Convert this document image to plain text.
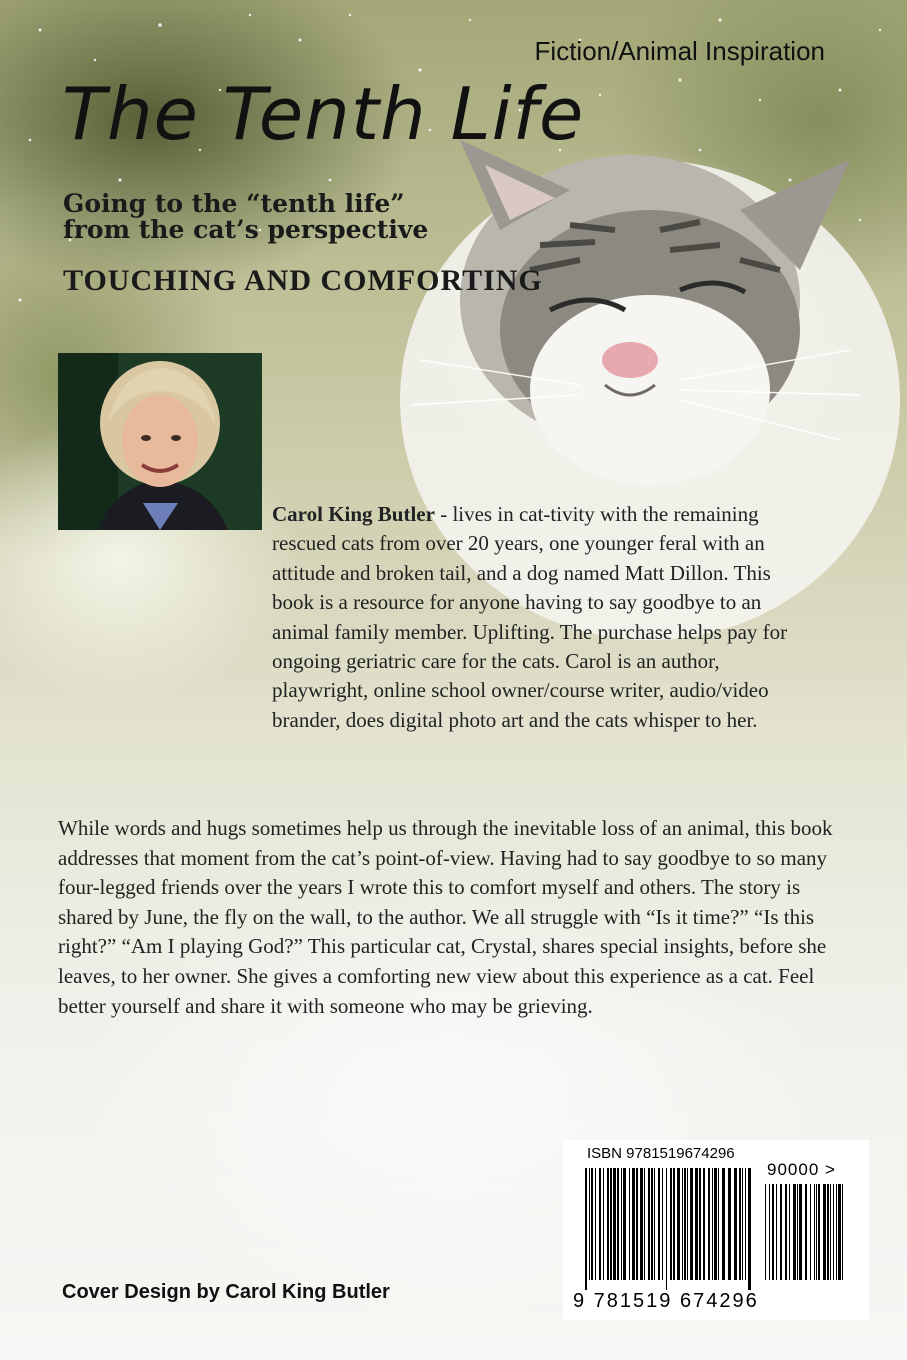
Fiction/Animal Inspiration
The Tenth Life
Going to the “tenth life”
from the cat’s perspective
TOUCHING AND COMFORTING
Carol King Butler - lives in cat-tivity with the remaining rescued cats from over 20 years, one younger feral with an attitude and broken tail, and a dog named Matt Dillon. This book is a resource for anyone having to say goodbye to an animal family member. Uplifting. The purchase helps pay for ongoing geriatric care for the cats. Carol is an author, playwright, online school owner/course writer, audio/video brander, does digital photo art and the cats whisper to her.
While words and hugs sometimes help us through the inevitable loss of an animal, this book addresses that moment from the cat’s point-of-view. Having had to say goodbye to so many four-legged friends over the years I wrote this to comfort myself and others. The story is shared by June, the fly on the wall, to the author. We all struggle with “Is it time?” “Is this right?” “Am I playing God?” This particular cat, Crystal, shares special insights, before she leaves, to her owner. She gives a comforting new view about this experience as a cat. Feel better yourself and share it with someone who may be grieving.
ISBN 9781519674296
90000 >
9 781519 674296
Cover Design by Carol King Butler
